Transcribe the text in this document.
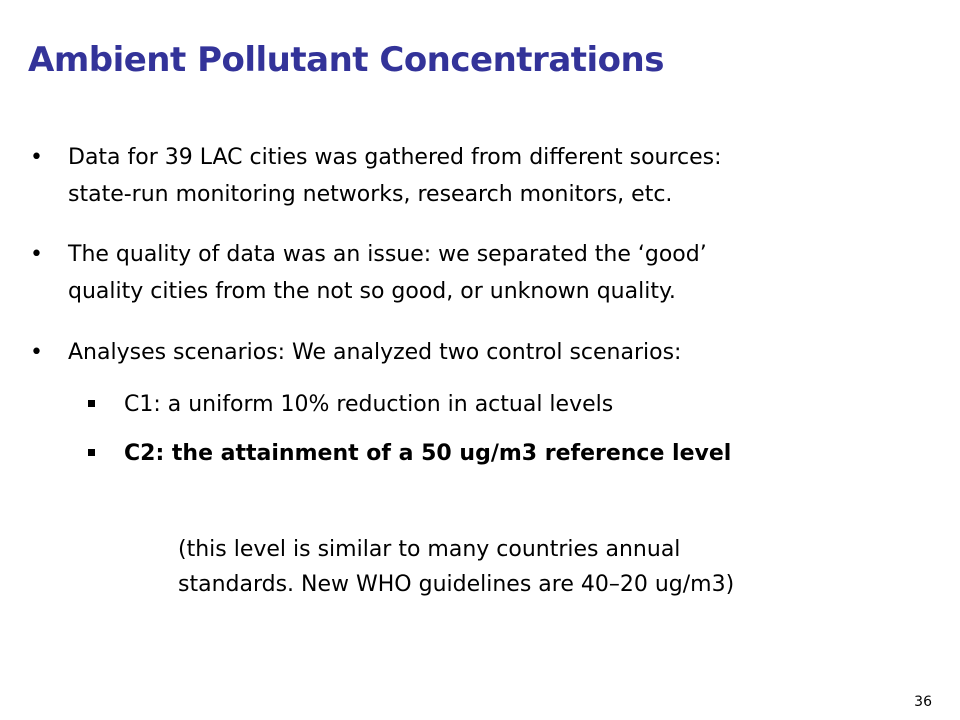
Ambient Pollutant Concentrations
•	Data for 39 LAC cities was gathered from different sources:
state-run monitoring networks, research monitors, etc.
•	The quality of data was an issue: we separated the ‘good’
quality cities from the not so good, or unknown quality.
•	Analyses scenarios: We analyzed two control scenarios:
C1: a uniform 10% reduction in actual levels
C2: the attainment of a 50 ug/m3 reference level
(this level is similar to many countries annual
standards. New WHO guidelines are 40–20 ug/m3)
36
